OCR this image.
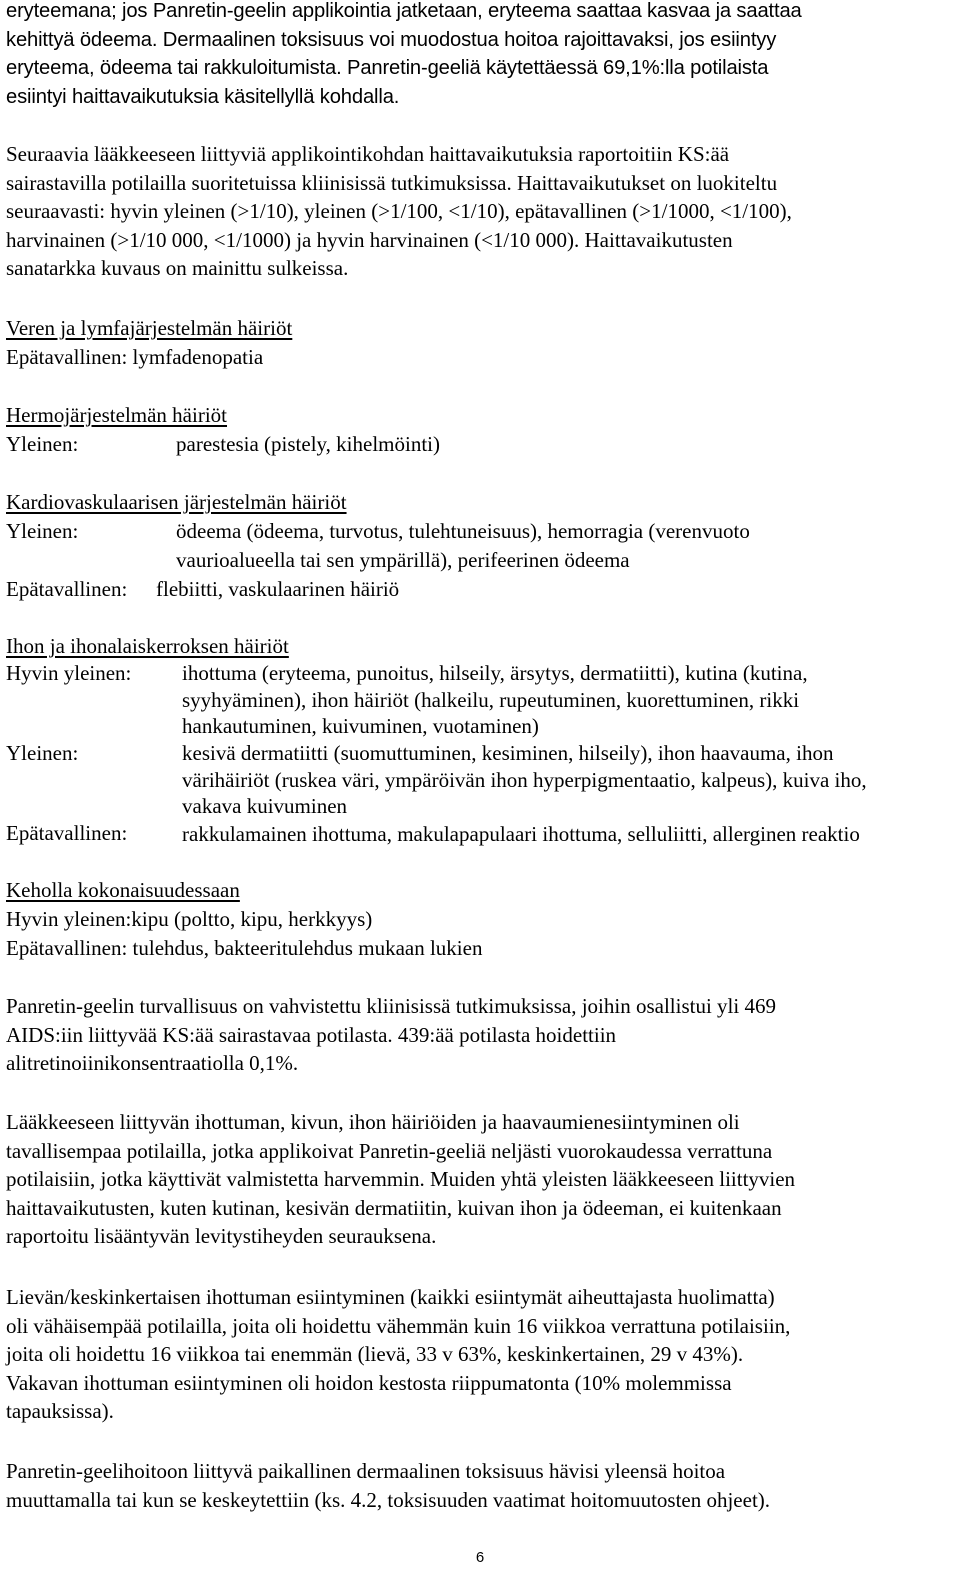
eryteemana; jos Panretin-geelin applikointia jatketaan, eryteema saattaa kasvaa ja saattaa
kehittyä ödeema. Dermaalinen toksisuus voi muodostua hoitoa rajoittavaksi, jos esiintyy
eryteema, ödeema tai rakkuloitumista. Panretin-geeliä käytettäessä 69,1%:lla potilaista
esiintyi haittavaikutuksia käsitellyllä kohdalla.

Seuraavia lääkkeeseen liittyviä applikointikohdan haittavaikutuksia raportoitiin KS:ää
sairastavilla potilailla suoritetuissa kliinisissä tutkimuksissa. Haittavaikutukset on luokiteltu
seuraavasti: hyvin yleinen (>1/10), yleinen (>1/100, <1/10), epätavallinen (>1/1000, <1/100),
harvinainen (>1/10 000, <1/1000) ja hyvin harvinainen (<1/10 000). Haittavaikutusten
sanatarkka kuvaus on mainittu sulkeissa.

Veren ja lymfajärjestelmän häiriöt

Epätavallinen: lymfadenopatia

Hermojärjestelmän häiriöt

Yleinen:	parestesia (pistely, kihelmöinti)

Kardiovaskulaarisen järjestelmän häiriöt

Yleinen:	ödeema (ödeema, turvotus, tulehtuneisuus), hemorragia (verenvuoto
vaurioalueella tai sen ympärillä), perifeerinen ödeema
Epätavallinen: flebiitti, vaskulaarinen häiriö

Ihon ja ihonalaiskerroksen häiriöt

Hyvin yleinen: ihottuma (eryteema, punoitus, hilseily, ärsytys, dermatiitti), kutina (kutina,
syyhyäminen), ihon häiriöt (halkeilu, rupeutuminen, kuorettuminen, rikki
hankautuminen, kuivuminen, vuotaminen)
Yleinen:	kesivä dermatiitti (suomuttuminen, kesiminen, hilseily), ihon haavauma, ihon
värihäiriöt (ruskea väri, ympäröivän ihon hyperpigmentaatio, kalpeus), kuiva iho,
vakava kuivuminen
Epätavallinen:	rakkulamainen ihottuma, makulapapulaari ihottuma, selluliitti, allerginen reaktio

Keholla kokonaisuudessaan

Hyvin yleinen:kipu (poltto, kipu, herkkyys)

Epätavallinen: tulehdus, bakteeritulehdus mukaan lukien

Panretin-geelin turvallisuus on vahvistettu kliinisissä tutkimuksissa, joihin osallistui yli 469
AIDS:iin liittyvää KS:ää sairastavaa potilasta. 439:ää potilasta hoidettiin
alitretinoiinikonsentraatiolla 0,1%.

Lääkkeeseen liittyvän ihottuman, kivun, ihon häiriöiden ja haavaumienesiintyminen oli
tavallisempaa potilailla, jotka applikoivat Panretin-geeliä neljästi vuorokaudessa verrattuna
potilaisiin, jotka käyttivät valmistetta harvemmin. Muiden yhtä yleisten lääkkeeseen liittyvien
haittavaikutusten, kuten kutinan, kesivän dermatiitin, kuivan ihon ja ödeeman, ei kuitenkaan
raportoitu lisääntyvän levitystiheyden seurauksena.

Lievän/keskinkertaisen ihottuman esiintyminen (kaikki esiintymät aiheuttajasta huolimatta)
oli vähäisempää potilailla, joita oli hoidettu vähemmän kuin 16 viikkoa verrattuna potilaisiin,
joita oli hoidettu 16 viikkoa tai enemmän (lievä, 33 v 63%, keskinkertainen, 29 v 43%).
Vakavan ihottuman esiintyminen oli hoidon kestosta riippumatonta (10% molemmissa
tapauksissa).

Panretin-geelihoitoon liittyvä paikallinen dermaalinen toksisuus hävisi yleensä hoitoa
muuttamalla tai kun se keskeytettiin (ks. 4.2, toksisuuden vaatimat hoitomuutosten ohjeet).

6
